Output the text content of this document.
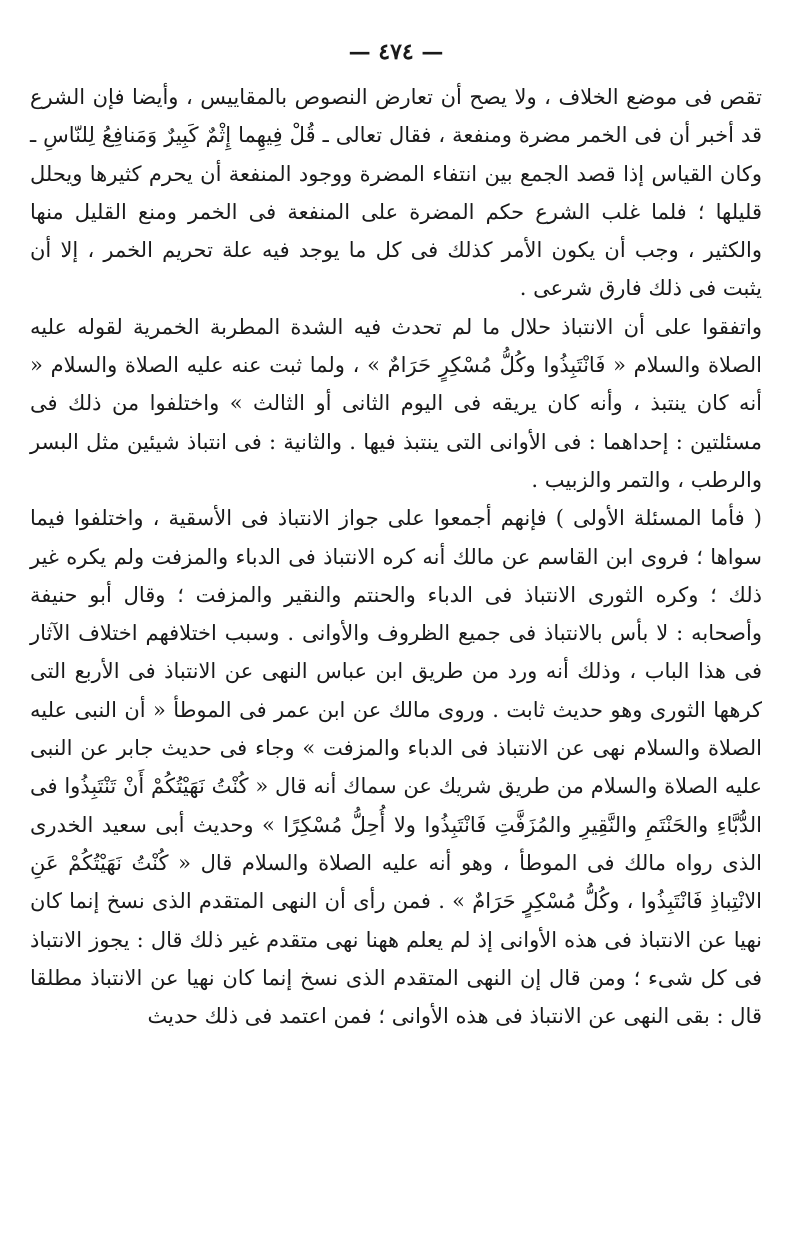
— ٤٧٤ —

تقص فى موضع الخلاف ، ولا يصح أن تعارض النصوص بالمقاييس ، وأيضا فإن الشرع قد أخبر أن فى الخمر مضرة ومنفعة ، فقال تعالى ـ قُلْ فِيهِما إِثْمٌ كَبِيرٌ وَمَنافِعُ لِلنّاسِ ـ وكان القياس إذا قصد الجمع بين انتفاء المضرة ووجود المنفعة أن يحرم كثيرها ويحلل قليلها ؛ فلما غلب الشرع حكم المضرة على المنفعة فى الخمر ومنع القليل منها والكثير ، وجب أن يكون الأمر كذلك فى كل ما يوجد فيه علة تحريم الخمر ، إلا أن يثبت فى ذلك فارق شرعى .

واتفقوا على أن الانتباذ حلال ما لم تحدث فيه الشدة المطربة الخمرية لقوله عليه الصلاة والسلام « فَانْتَبِذُوا وكُلُّ مُسْكِرٍ حَرَامٌ » ، ولما ثبت عنه عليه الصلاة والسلام « أنه كان ينتبذ ، وأنه كان يريقه فى اليوم الثانى أو الثالث » واختلفوا من ذلك فى مسئلتين : إحداهما : فى الأوانى التى ينتبذ فيها . والثانية : فى انتباذ شيئين مثل البسر والرطب ، والتمر والزبيب .

( فأما المسئلة الأولى ) فإنهم أجمعوا على جواز الانتباذ فى الأسقية ، واختلفوا فيما سواها ؛ فروى ابن القاسم عن مالك أنه كره الانتباذ فى الدباء والمزفت ولم يكره غير ذلك ؛ وكره الثورى الانتباذ فى الدباء والحنتم والنقير والمزفت ؛ وقال أبو حنيفة وأصحابه : لا بأس بالانتباذ فى جميع الظروف والأوانى . وسبب اختلافهم اختلاف الآثار فى هذا الباب ، وذلك أنه ورد من طريق ابن عباس النهى عن الانتباذ فى الأربع التى كرهها الثورى وهو حديث ثابت . وروى مالك عن ابن عمر فى الموطأ « أن النبى عليه الصلاة والسلام نهى عن الانتباذ فى الدباء والمزفت » وجاء فى حديث جابر عن النبى عليه الصلاة والسلام من طريق شريك عن سماك أنه قال « كُنْتُ نَهَيْتُكُمْ أَنْ تَنْتَبِذُوا فى الدُّبَّاءِ والحَنْتَمِ والنَّقِيرِ والمُزَفَّتِ فَانْتَبِذُوا ولا أُحِلُّ مُسْكِرًا » وحديث أبى سعيد الخدرى الذى رواه مالك فى الموطأ ، وهو أنه عليه الصلاة والسلام قال « كُنْتُ نَهَيْتُكُمْ عَنِ الانْتِباذِ فَانْتَبِذُوا ، وكُلُّ مُسْكِرٍ حَرَامٌ » . فمن رأى أن النهى المتقدم الذى نسخ إنما كان نهيا عن الانتباذ فى هذه الأوانى إذ لم يعلم ههنا نهى متقدم غير ذلك قال : يجوز الانتباذ فى كل شىء ؛ ومن قال إن النهى المتقدم الذى نسخ إنما كان نهيا عن الانتباذ مطلقا قال : بقى النهى عن الانتباذ فى هذه الأوانى ؛ فمن اعتمد فى ذلك حديث
